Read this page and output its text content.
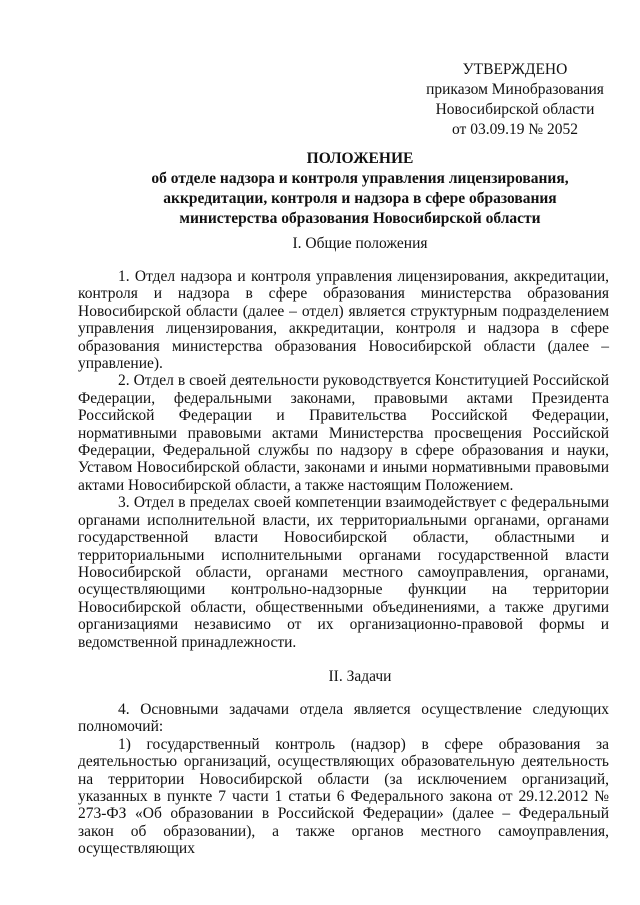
УТВЕРЖДЕНО
приказом Минобразования
Новосибирской области
от 03.09.19 № 2052
ПОЛОЖЕНИЕ
об отделе надзора и контроля управления лицензирования,
аккредитации, контроля и надзора в сфере образования
министерства образования Новосибирской области
I. Общие положения

1. Отдел надзора и контроля управления лицензирования, аккредитации, контроля и надзора в сфере образования министерства образования Новосибирской области (далее – отдел) является структурным подразделением управления лицензирования, аккредитации, контроля и надзора в сфере образования министерства образования Новосибирской области (далее – управление).

2. Отдел в своей деятельности руководствуется Конституцией Российской Федерации, федеральными законами, правовыми актами Президента Российской Федерации и Правительства Российской Федерации, нормативными правовыми актами Министерства просвещения Российской Федерации, Федеральной службы по надзору в сфере образования и науки, Уставом Новосибирской области, законами и иными нормативными правовыми актами Новосибирской области, а также настоящим Положением.

3. Отдел в пределах своей компетенции взаимодействует с федеральными органами исполнительной власти, их территориальными органами, органами государственной власти Новосибирской области, областными и территориальными исполнительными органами государственной власти Новосибирской области, органами местного самоуправления, органами, осуществляющими контрольно-надзорные функции на территории Новосибирской области, общественными объединениями, а также другими организациями независимо от их организационно-правовой формы и ведомственной принадлежности.

II. Задачи

4. Основными задачами отдела является осуществление следующих полномочий:

1) государственный контроль (надзор) в сфере образования за деятельностью организаций, осуществляющих образовательную деятельность на территории Новосибирской области (за исключением организаций, указанных в пункте 7 части 1 статьи 6 Федерального закона от 29.12.2012 № 273-ФЗ «Об образовании в Российской Федерации» (далее – Федеральный закон об образовании), а также органов местного самоуправления, осуществляющих
